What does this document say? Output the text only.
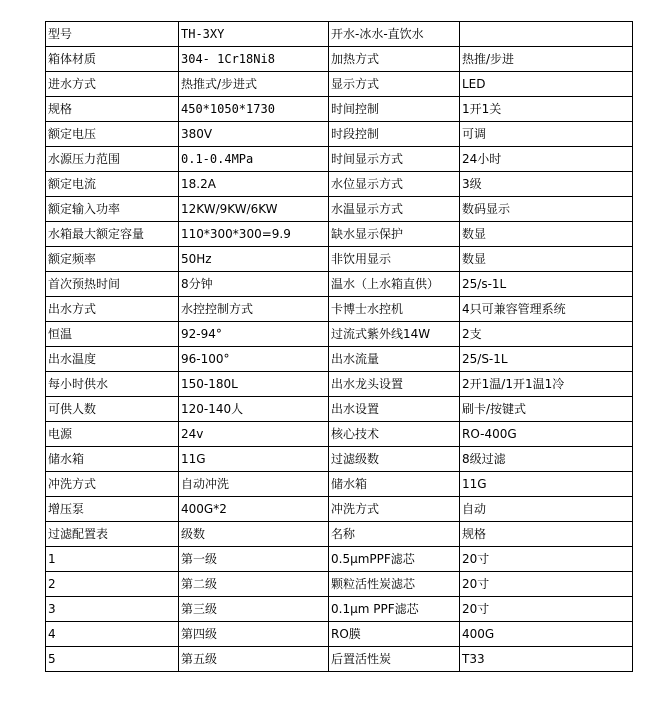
型号	TH-3XY	开水-冰水-直饮水	
箱体材质	304- 1Cr18Ni8	加热方式	热推/步进
进水方式	热推式/步进式	显示方式	LED
规格	450*1050*1730	时间控制	1开1关
额定电压	380V	时段控制	可调
水源压力范围	0.1-0.4MPa	时间显示方式	24小时
额定电流	18.2A	水位显示方式	3级
额定输入功率	12KW/9KW/6KW	水温显示方式	数码显示
水箱最大额定容量	110*300*300=9.9	缺水显示保护	数显
额定频率	50Hz	非饮用显示	数显
首次预热时间	8分钟	温水（上水箱直供）	25/s-1L
出水方式	水控控制方式	卡博士水控机	4只可兼容管理系统
恒温	92-94°	过流式紫外线14W	2支
出水温度	96-100°	出水流量	25/S-1L
每小时供水	150-180L	出水龙头设置	2开1温/1开1温1冷
可供人数	120-140人	出水设置	刷卡/按键式
电源	24v	核心技术	RO-400G
储水箱	11G	过滤级数	8级过滤
冲洗方式	自动冲洗	储水箱	11G
增压泵	400G*2	冲洗方式	自动
过滤配置表	级数	名称	规格
1	第一级	0.5μmPPF滤芯	20寸
2	第二级	颗粒活性炭滤芯	20寸
3	第三级	0.1μm PPF滤芯	20寸
4	第四级	RO膜	400G
5	第五级	后置活性炭	T33
